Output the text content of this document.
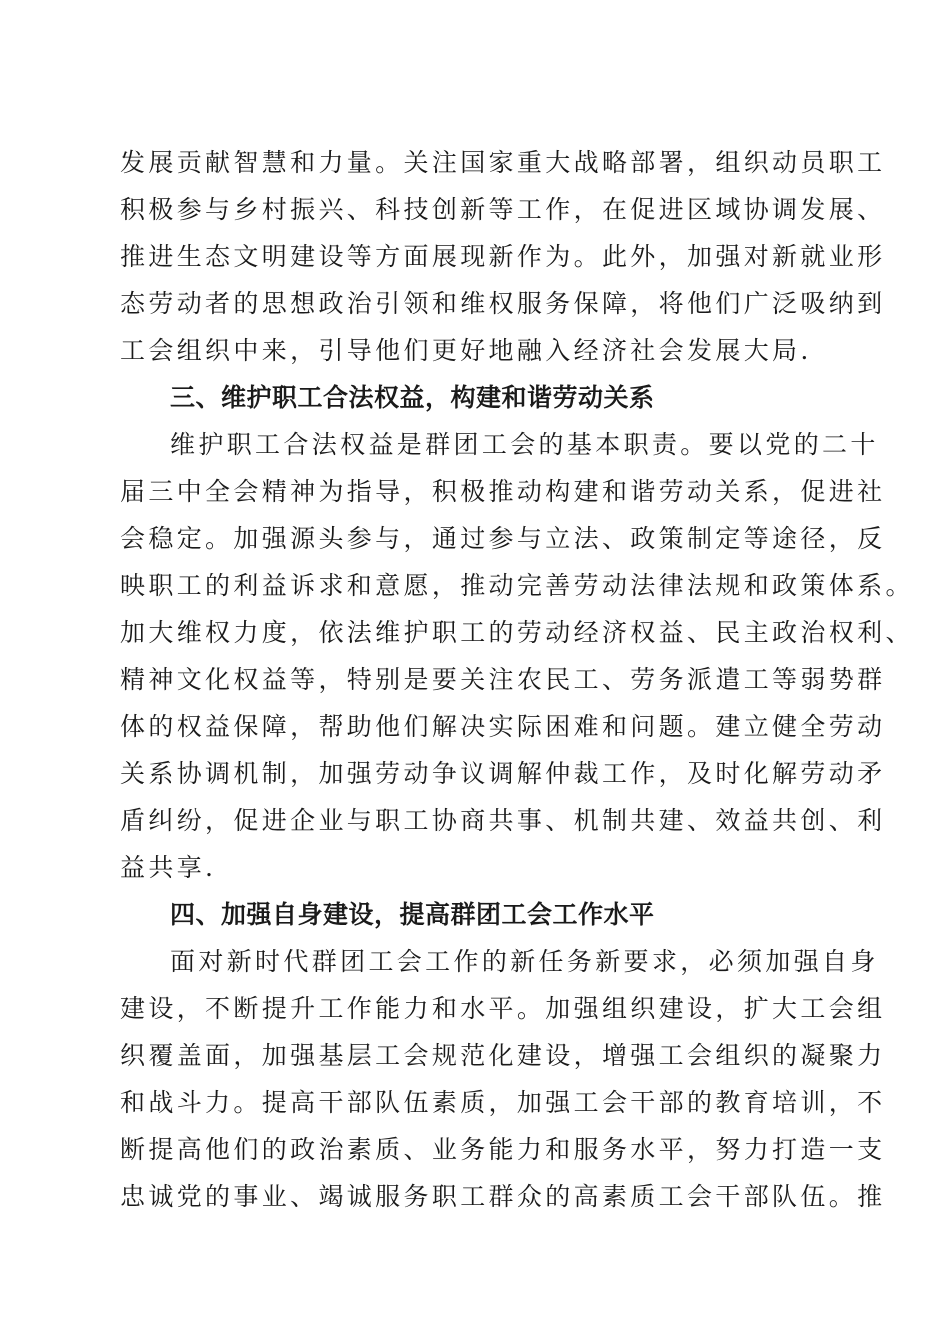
发展贡献智慧和力量。关注国家重大战略部署，组织动员职工
积极参与乡村振兴、科技创新等工作，在促进区域协调发展、
推进生态文明建设等方面展现新作为。此外，加强对新就业形
态劳动者的思想政治引领和维权服务保障，将他们广泛吸纳到
工会组织中来，引导他们更好地融入经济社会发展大局.
三、维护职工合法权益，构建和谐劳动关系
维护职工合法权益是群团工会的基本职责。要以党的二十
届三中全会精神为指导，积极推动构建和谐劳动关系，促进社
会稳定。加强源头参与，通过参与立法、政策制定等途径，反
映职工的利益诉求和意愿，推动完善劳动法律法规和政策体系。
加大维权力度，依法维护职工的劳动经济权益、民主政治权利、
精神文化权益等，特别是要关注农民工、劳务派遣工等弱势群
体的权益保障，帮助他们解决实际困难和问题。建立健全劳动
关系协调机制，加强劳动争议调解仲裁工作，及时化解劳动矛
盾纠纷，促进企业与职工协商共事、机制共建、效益共创、利
益共享.
四、加强自身建设，提高群团工会工作水平
面对新时代群团工会工作的新任务新要求，必须加强自身
建设，不断提升工作能力和水平。加强组织建设，扩大工会组
织覆盖面，加强基层工会规范化建设，增强工会组织的凝聚力
和战斗力。提高干部队伍素质，加强工会干部的教育培训，不
断提高他们的政治素质、业务能力和服务水平，努力打造一支
忠诚党的事业、竭诚服务职工群众的高素质工会干部队伍。推
